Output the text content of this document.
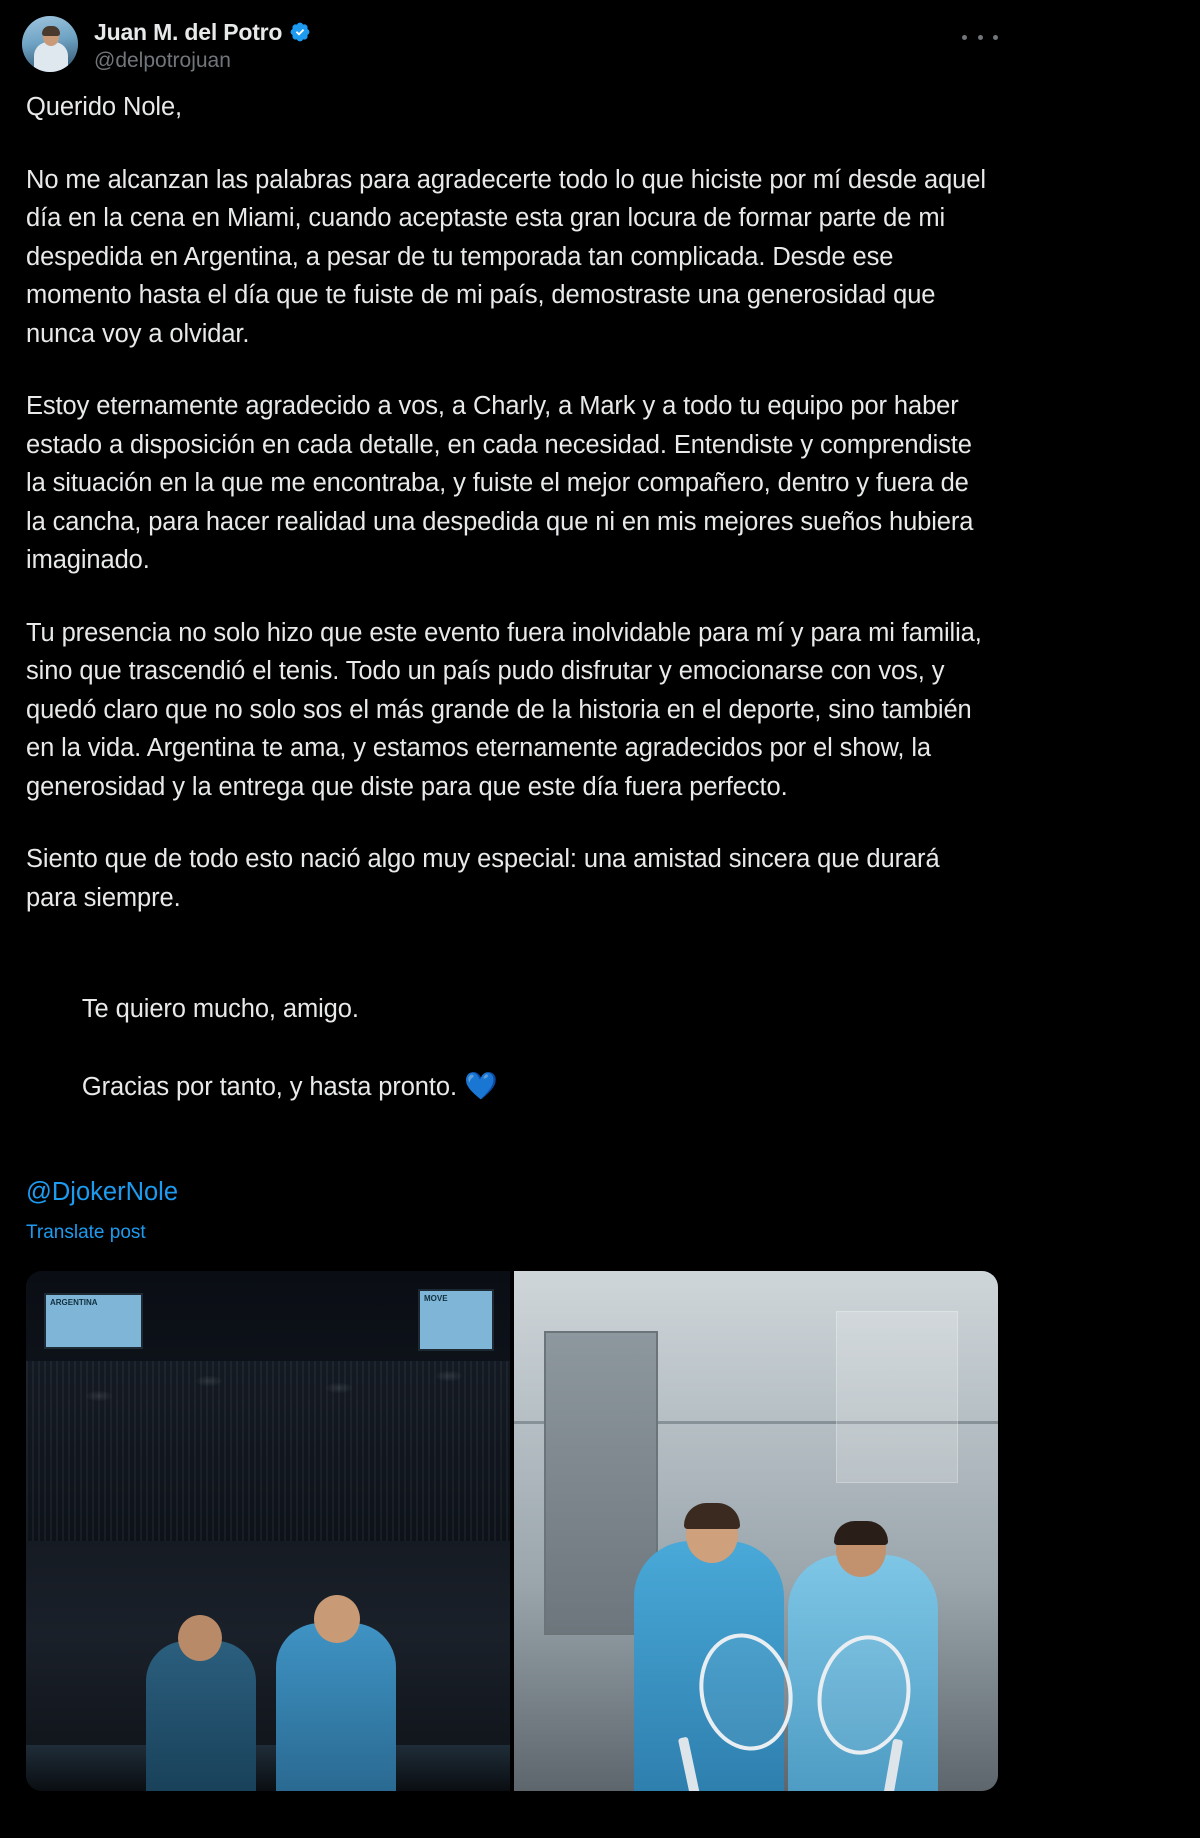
Juan M. del Potro
@delpotrojuan

Querido Nole,

No me alcanzan las palabras para agradecerte todo lo que hiciste por mí desde aquel día en la cena en Miami, cuando aceptaste esta gran locura de formar parte de mi despedida en Argentina, a pesar de tu temporada tan complicada. Desde ese momento hasta el día que te fuiste de mi país, demostraste una generosidad que nunca voy a olvidar.

Estoy eternamente agradecido a vos, a Charly, a Mark y a todo tu equipo por haber estado a disposición en cada detalle, en cada necesidad. Entendiste y comprendiste la situación en la que me encontraba, y fuiste el mejor compañero, dentro y fuera de la cancha, para hacer realidad una despedida que ni en mis mejores sueños hubiera imaginado.

Tu presencia no solo hizo que este evento fuera inolvidable para mí y para mi familia, sino que trascendió el tenis. Todo un país pudo disfrutar y emocionarse con vos, y quedó claro que no solo sos el más grande de la historia en el deporte, sino también en la vida. Argentina te ama, y estamos eternamente agradecidos por el show, la generosidad y la entrega que diste para que este día fuera perfecto.

Siento que de todo esto nació algo muy especial: una amistad sincera que durará para siempre.

Te quiero mucho, amigo.

Gracias por tanto, y hasta pronto. 💙

@DjokerNole
Translate post
ARGENTINA	MOVE
